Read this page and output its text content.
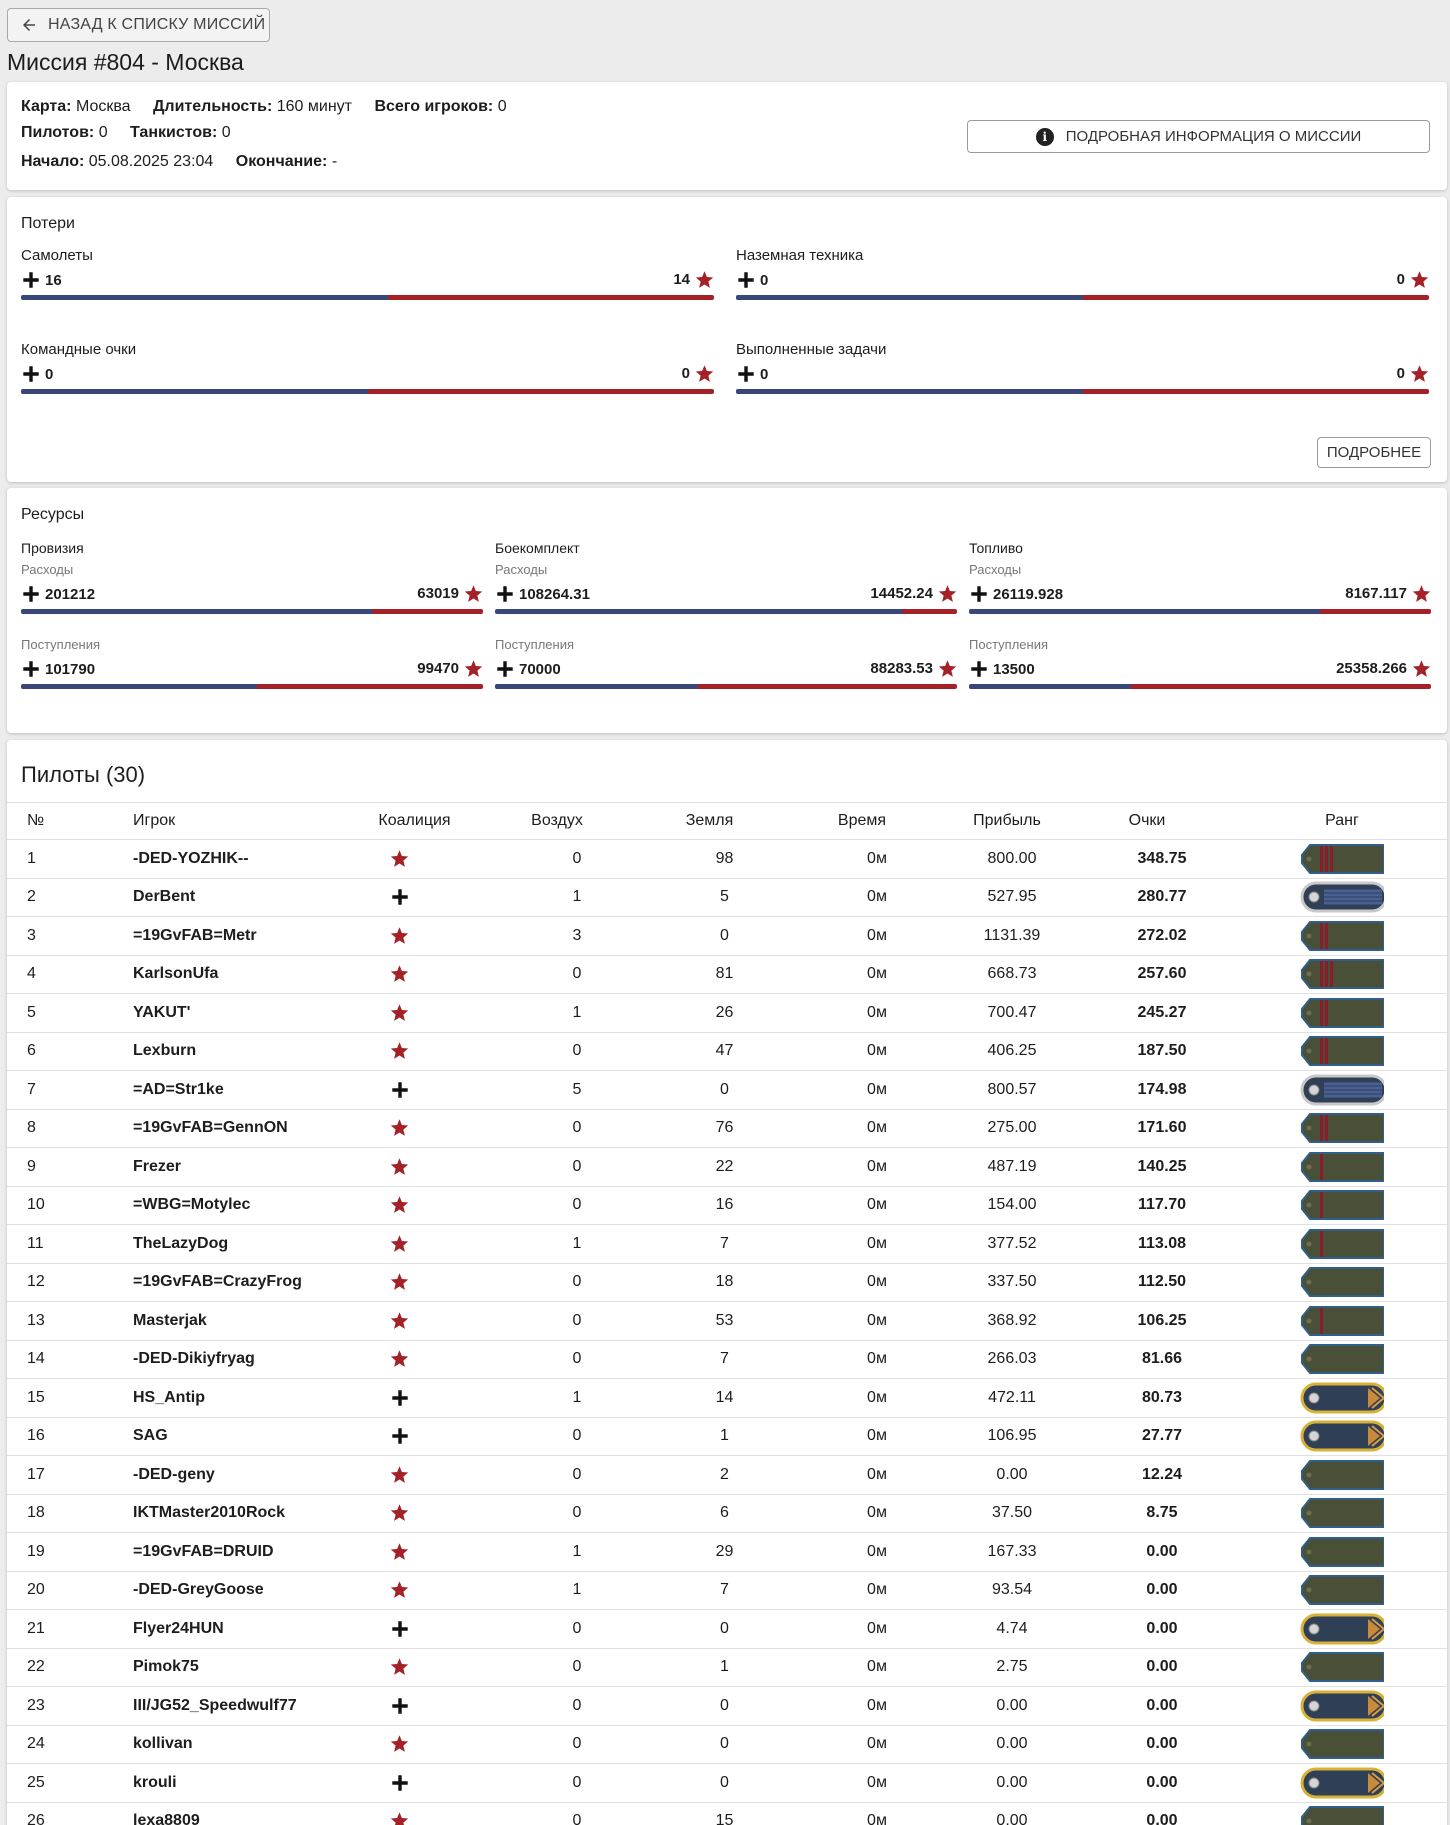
НАЗАД К СПИСКУ МИССИЙ
Миссия #804 - Москва
Карта: Москва Длительность: 160 минут Всего игроков: 0
Пилотов: 0 Танкистов: 0
Начало: 05.08.2025 23:04 Окончание: -
i	ПОДРОБНАЯ ИНФОРМАЦИЯ О МИССИИ
Потери
ПОДРОБНЕЕ
Самолеты
16	14
Наземная техника
0	0
Командные очки
0	0
Выполненные задачи
0	0
Ресурсы
Провизия
Расходы
201212	63019
Поступления
101790	99470
Боекомплект
Расходы
108264.31	14452.24
Поступления
70000	88283.53
Топливо
Расходы
26119.928	8167.117
Поступления
13500	25358.266
Пилоты (30)
№	Игрок	Коалиция	Воздух	Земля	Время	Прибыль	Очки	Ранг
1	-DED-YOZHIK--		0	98	0м	800.00	348.75	
2	DerBent		1	5	0м	527.95	280.77	
3	=19GvFAB=Metr		3	0	0м	1131.39	272.02	
4	KarlsonUfa		0	81	0м	668.73	257.60	
5	YAKUT'		1	26	0м	700.47	245.27	
6	Lexburn		0	47	0м	406.25	187.50	
7	=AD=Str1ke		5	0	0м	800.57	174.98	
8	=19GvFAB=GennON		0	76	0м	275.00	171.60	
9	Frezer		0	22	0м	487.19	140.25	
10	=WBG=Motylec		0	16	0м	154.00	117.70	
11	TheLazyDog		1	7	0м	377.52	113.08	
12	=19GvFAB=CrazyFrog		0	18	0м	337.50	112.50	
13	Masterjak		0	53	0м	368.92	106.25	
14	-DED-Dikiyfryag		0	7	0м	266.03	81.66	
15	HS_Antip		1	14	0м	472.11	80.73	
16	SAG		0	1	0м	106.95	27.77	
17	-DED-geny		0	2	0м	0.00	12.24	
18	IKTMaster2010Rock		0	6	0м	37.50	8.75	
19	=19GvFAB=DRUID		1	29	0м	167.33	0.00	
20	-DED-GreyGoose		1	7	0м	93.54	0.00	
21	Flyer24HUN		0	0	0м	4.74	0.00	
22	Pimok75		0	1	0м	2.75	0.00	
23	III/JG52_Speedwulf77		0	0	0м	0.00	0.00	
24	kollivan		0	0	0м	0.00	0.00	
25	krouli		0	0	0м	0.00	0.00	
26	lexa8809		0	15	0м	0.00	0.00	
